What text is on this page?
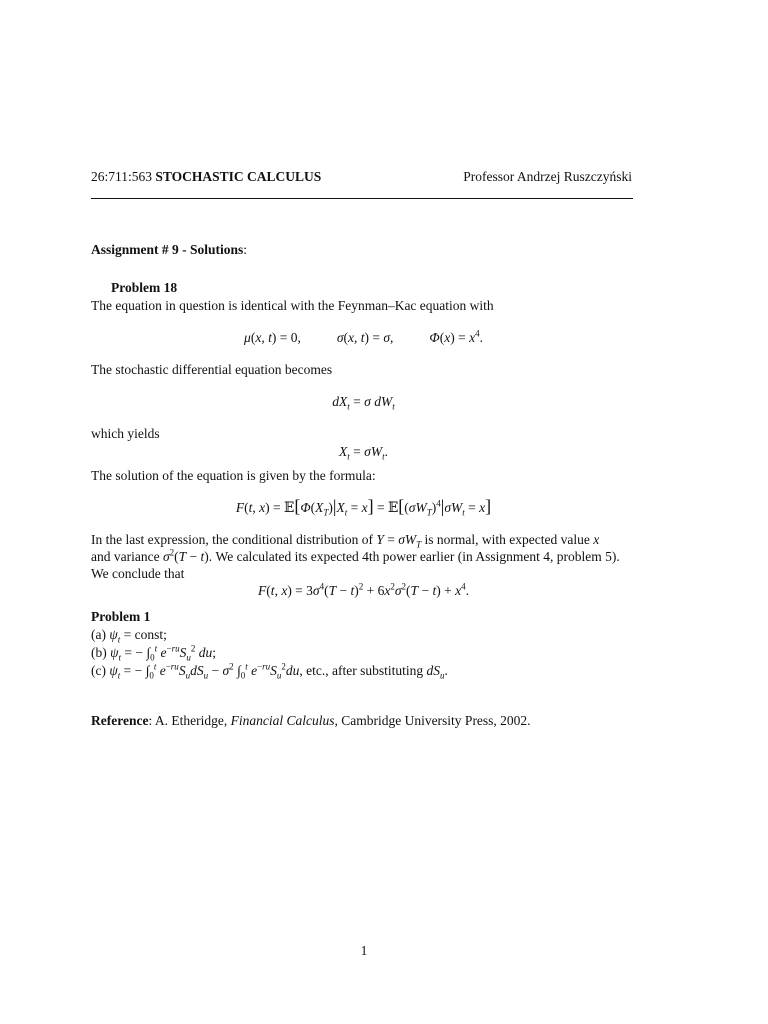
26:711:563 STOCHASTIC CALCULUS	Professor Andrzej Ruszczyński
Assignment # 9 - Solutions:
Problem 18
The equation in question is identical with the Feynman–Kac equation with
μ(x, t) = 0,	σ(x, t) = σ,	$\Phi(x) = x^4$.
The stochastic differential equation becomes
$dX_t = \sigma$ $dW_t$
which yields
$X_t = \sigma W_t$.
The solution of the equation is given by the formula:
F(t, $x) = 𝔼[\Phi(X_T)|X_t = x]$ = $𝔼[(\sigma W_T)^4|\sigma W_t = x]$
In the last expression, the conditional distribution of $Y = \sigma W_T$ is normal, with expected value x
and variance $\sigma^2(T - t)$. We calculated its expected 4th power earlier (in Assignment 4, problem 5).
We conclude that
F(t, $x) = 3\sigma^4(T - t)^2 + 6x^2\sigma^2(T - t) + x^4$.
Problem 1
(a) $\psi_t$ = const;
(b) $\psi_t$ = − $\int_0^t$ $e^{-ru}S_u^2$ du;
(c) $\psi_t$ = − $\int_0^t$ $e^{-ru}S_udS_u - \sigma^2$ $\int_0^t$ $e^{-ru}S_u^2du$, etc., after substituting $dS_u$.
Reference: A. Etheridge, Financial Calculus, Cambridge University Press, 2002.
1
